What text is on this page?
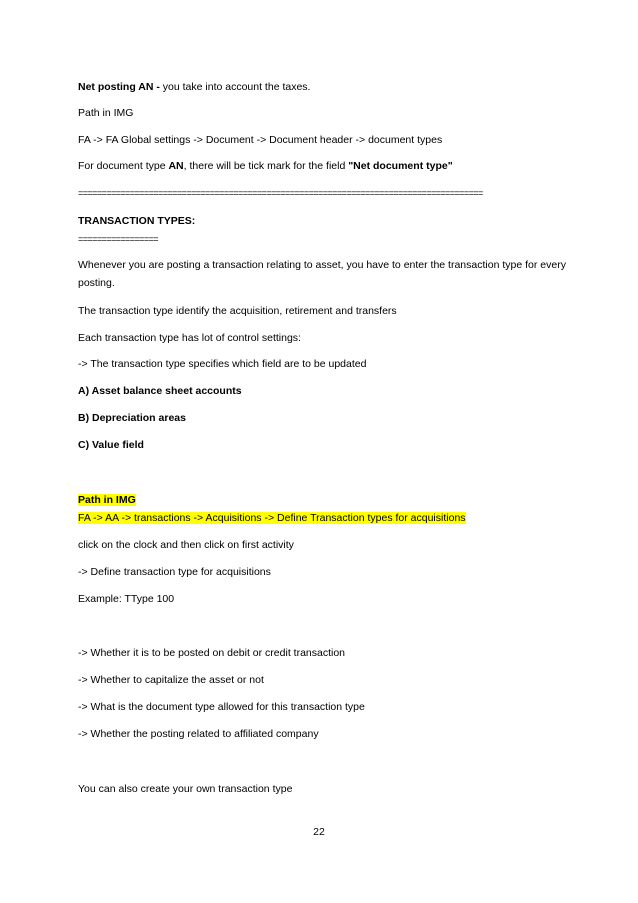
Net posting AN - you take into account the taxes.
Path in IMG
FA -> FA Global settings -> Document -> Document header -> document types
For document type AN, there will be tick mark for the field "Net document type"
======================================================================================
TRANSACTION TYPES:
=================
Whenever you are posting a transaction relating to asset, you have to enter the transaction type for every posting.
The transaction type identify the acquisition, retirement and transfers
Each transaction type has lot of control settings:
-> The transaction type specifies which field are to be updated
A) Asset balance sheet accounts
B) Depreciation areas
C) Value field
Path in IMG
FA -> AA -> transactions -> Acquisitions -> Define Transaction types for acquisitions
click on the clock and then click on first activity
-> Define transaction type for acquisitions
Example: TType 100
-> Whether it is to be posted on debit or credit transaction
-> Whether to capitalize the asset or not
-> What is the document type allowed for this transaction type
-> Whether the posting related to affiliated company
You can also create your own transaction type
22
